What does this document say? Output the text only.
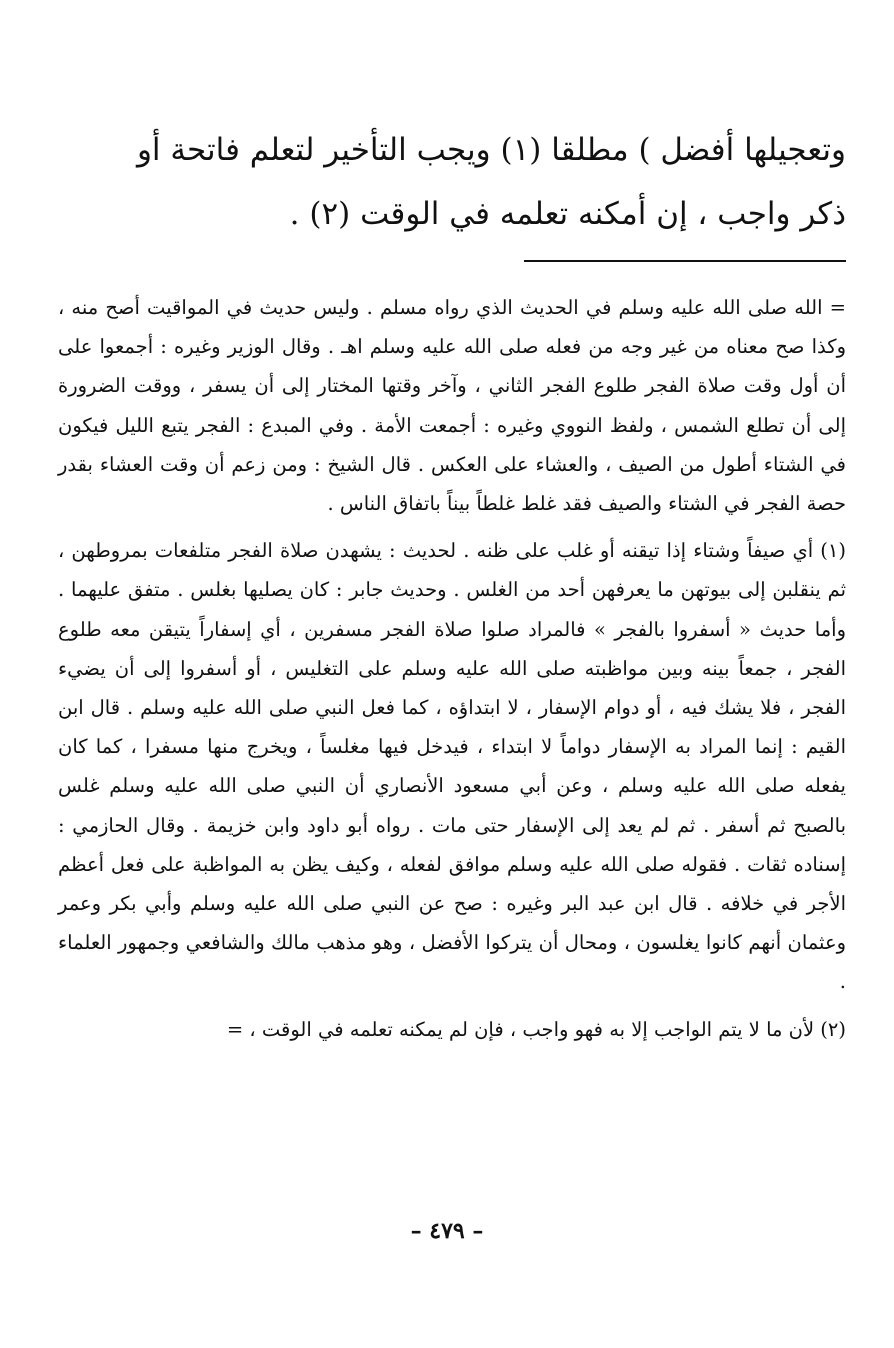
وتعجيلها أفضل ) مطلقا (١) ويجب التأخير لتعلم فاتحة أو

ذكر واجب ، إن أمكنه تعلمه في الوقت (٢) .

= الله صلى الله عليه وسلم في الحديث الذي رواه مسلم . وليس حديث في المواقيت أصح منه ، وكذا صح معناه من غير وجه من فعله صلى الله عليه وسلم اهـ . وقال الوزير وغيره : أجمعوا على أن أول وقت صلاة الفجر طلوع الفجر الثاني ، وآخر وقتها المختار إلى أن يسفر ، ووقت الضرورة إلى أن تطلع الشمس ، ولفظ النووي وغيره : أجمعت الأمة . وفي المبدع : الفجر يتبع الليل فيكون في الشتاء أطول من الصيف ، والعشاء على العكس . قال الشيخ : ومن زعم أن وقت العشاء بقدر حصة الفجر في الشتاء والصيف فقد غلط غلطاً بيناً باتفاق الناس .

(١) أي صيفاً وشتاء إذا تيقنه أو غلب على ظنه . لحديث : يشهدن صلاة الفجر متلفعات بمروطهن ، ثم ينقلبن إلى بيوتهن ما يعرفهن أحد من الغلس . وحديث جابر : كان يصليها بغلس . متفق عليهما . وأما حديث « أسفروا بالفجر » فالمراد صلوا صلاة الفجر مسفرين ، أي إسفاراً يتيقن معه طلوع الفجر ، جمعاً بينه وبين مواظبته صلى الله عليه وسلم على التغليس ، أو أسفروا إلى أن يضيء الفجر ، فلا يشك فيه ، أو دوام الإسفار ، لا ابتداؤه ، كما فعل النبي صلى الله عليه وسلم . قال ابن القيم : إنما المراد به الإسفار دواماً لا ابتداء ، فيدخل فيها مغلساً ، ويخرج منها مسفرا ، كما كان يفعله صلى الله عليه وسلم ، وعن أبي مسعود الأنصاري أن النبي صلى الله عليه وسلم غلس بالصبح ثم أسفر . ثم لم يعد إلى الإسفار حتى مات . رواه أبو داود وابن خزيمة . وقال الحازمي : إسناده ثقات . فقوله صلى الله عليه وسلم موافق لفعله ، وكيف يظن به المواظبة على فعل أعظم الأجر في خلافه . قال ابن عبد البر وغيره : صح عن النبي صلى الله عليه وسلم وأبي بكر وعمر وعثمان أنهم كانوا يغلسون ، ومحال أن يتركوا الأفضل ، وهو مذهب مالك والشافعي وجمهور العلماء .

(٢) لأن ما لا يتم الواجب إلا به فهو واجب ، فإن لم يمكنه تعلمه في الوقت ، =

– ٤٧٩ –
